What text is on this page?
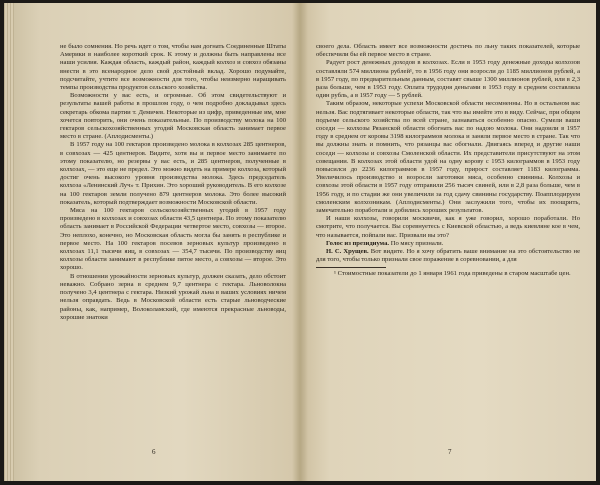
не было сомнения. Но речь идет о том, чтобы нам догнать Соединенные Штаты Америки в наиболее короткий срок. К этому и должны быть направлены все наши усилия. Каждая область, каждый район, каждый колхоз и совхоз обязаны внести в это всенародное дело свой достойный вклад. Хорошо подумайте, подсчитайте, учтите все возможности для того, чтобы неизмерно наращивать темпы производства продуктов сельского хозяйства.

Возможности у вас есть, и огромные. Об этом свидетельствуют и результаты вашей работы в прошлом году, о чем подробно докладывал здесь секретарь обкома партии т. Демичев. Некоторые из цифр, приведенные им, мне хочется повторить, они очень показательные. По производству молока на 100 гектаров сельскохозяйственных угодий Московская область занимает первое место в стране. (Аплодисменты.)

В 1957 году на 100 гектаров произведено молока в колхозах 285 центнеров, в совхозах — 425 центнеров. Видите, хотя вы и первое место занимаете по этому показателю, но резервы у вас есть, и 285 центнеров, полученные в колхозах, — это еще не предел. Это можно видеть на примере колхоза, который достиг очень высокого уровня производства молока. Здесь председатель колхоза «Ленинский Луч» т. Прихин. Это хороший руководитель. В его колхозе на 100 гектаров земли получено 879 центнеров молока. Это более высокий показатель, который подтверждает возможности Московской области.

Мяса на 100 гектаров сельскохозяйственных угодий в 1957 году произведено в колхозах и совхозах области 43,5 центнера. По этому показателю область занимает в Российской Федерации четвертое место, совхозы — второе. Это неплохо, конечно, но Московская область могла бы занять в республике и первое место. На 100 гектаров посевов зерновых культур произведено в колхозах 11,1 тысячи яиц, в совхозах — 354,7 тысячи. По производству яиц колхозы области занимают в республике пятое место, а совхозы — второе. Это хорошо.

В отношении урожайности зерновых культур, должен сказать, дело обстоит неважно. Собрано зерна в среднем 9,7 центнера с гектара. Льноволокна получено 3,4 центнера с гектара. Низкий урожай льна в ваших условиях ничем нельзя оправдать. Ведь в Московской области есть старые льноводческие районы, как, например, Волоколамский, где имеются прекрасные льноводы, хорошие знатоки

6

своего дела. Область имеет все возможности достичь по льну таких показателей, которые обеспечили бы ей первое место в стране.

Радует рост денежных доходов в колхозах. Если в 1953 году денежные доходы колхозов составляли 574 миллиона рублей¹, то в 1956 году они возросли до 1185 миллионов рублей, а в 1957 году, по предварительным данным, составят свыше 1300 миллионов рублей, или в 2,3 раза больше, чем в 1953 году. Оплата трудодня деньгами в 1953 году в среднем составляла один рубль, а в 1957 году — 5 рублей.

Таким образом, некоторые успехи Московской области несомненны. Но в остальном вас нельзя. Вас подтягивает некоторые области, так что вы имейте это в виду. Сейчас, при общем подъеме сельского хозяйства по всей стране, зазнаваться особенно опасно. Сумели ваши соседи — колхозы Рязанской области обогнать вас по надою молока. Они надоили в 1957 году в среднем от коровы 3198 килограммов молока и заняли первое место в стране. Так что вы должны знать и помнить, что рязанцы вас обогнали. Двигаясь вперед и другие наши соседи — колхозы и совхозы Смоленской области. Их представители присутствуют на этом совещании. В колхозах этой области удой на одну корову с 1953 килограммов в 1953 году повысился до 2236 килограммов в 1957 году, прирост составляет 1183 килограмма. Увеличилось производство и возросли заготовки мяса, особенно свинины. Колхозы и совхозы этой области в 1957 году отправили 256 тысяч свиней, или в 2,8 раза больше, чем в 1956 году, и по стадии же они увеличили за год сдачу свинины государству. Поапплодируем смоленским колхозникам. (Аплодисменты.) Они заслужили того, чтобы их поощрить, замечательно поработали и добились хороших результатов.

И наши колхозы, говорили москвичи, как я уже говорил, хорошо поработали. Но смотрите, что получается. Вы соревнуетесь с Киевской областью, а ведь киевляне кое в чем, что называется, пойпали вас. Призвали вы это?

Голос из президиума. По мясу признали.

Н. С. Хрущев. Вот видите. Но я хочу обратить ваше внимание на это обстоятельство не для того, чтобы только признали свое поражение в соревновании, а для

¹ Стоимостные показатели до 1 января 1961 года приведены в старом масштабе цен.

7
